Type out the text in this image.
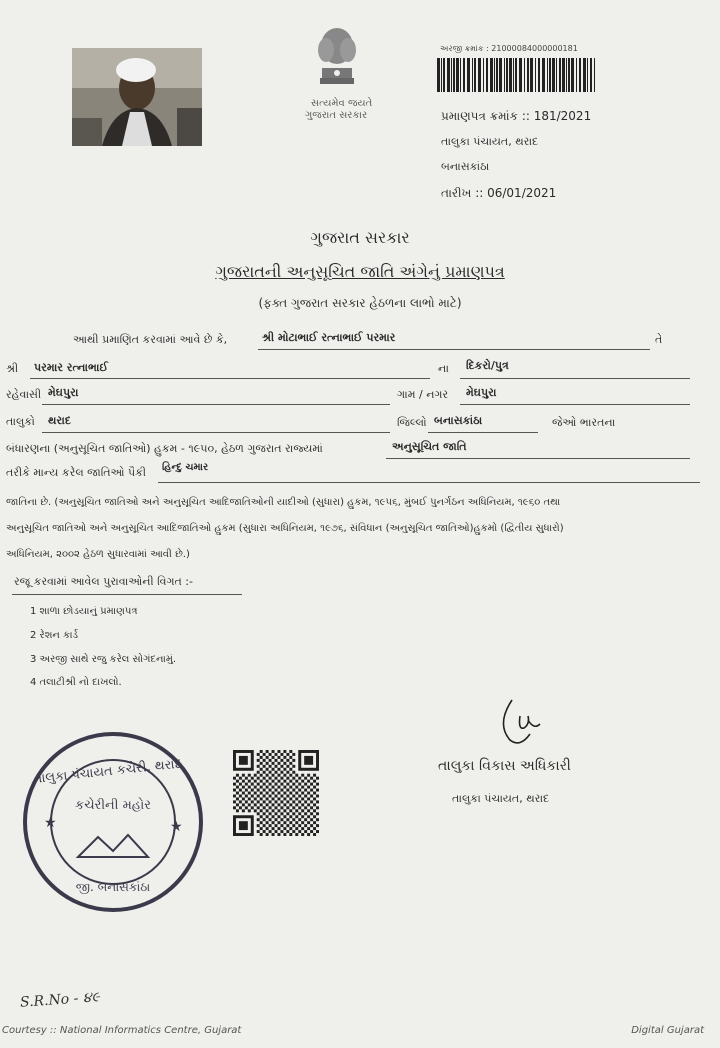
સત્યમેવ જયતે
ગુજરાત સરકાર
અરજી ક્રમાંક : 21000084000000181
પ્રમાણપત્ર ક્રમાંક :: 181/2021
તાલુકા પંચાયત, થરાદ
બનાસકાંઠા
તારીખ :: 06/01/2021
ગુજરાત સરકાર
ગુજરાતની અનુસૂચિત જાતિ અંગેનું પ્રમાણપત્ર
(ફક્ત ગુજરાત સરકાર હેઠળના લાભો માટે)
આથી પ્રમાણિત કરવામાં આવે છે કે,	શ્રી મોટાભાઈ રત્નાભાઈ પરમાર	તે
શ્રી પરમાર રત્નાભાઈ	ના દિકરો/પુત્ર
રહેવાસી મેઘપુરા	ગામ / નગર મેઘપુરા
તાલુકો થરાદ	જિલ્લો બનાસકાંઠા	જેઓ ભારતના
બંધારણના (અનુસૂચિત જાતિઓ) હુકમ - ૧૯૫૦, હેઠળ ગુજરાત રાજ્યમાં	અનુસૂચિત જાતિ
તરીકે માન્ય કરેલ જાતિઓ પૈકી હિન્દુ ચમાર
જાતિના છે. (અનુસૂચિત જાતિઓ અને અનુસૂચિત આદિજાતિઓની યાદીઓ (સુધારા) હુકમ, ૧૯૫૬, મુંબઈ પુનર્ગઠન અધિનિયમ, ૧૯૬૦ તથા
અનુસૂચિત જાતિઓ અને અનુસૂચિત આદિજાતિઓ હુકમ (સુધારા અધિનિયમ, ૧૯૭૬, સંવિધાન (અનુસૂચિત જાતિઓ)હુકમો (દ્વિતીય સુધારો)
અધિનિયમ, ૨૦૦૨ હેઠળ સુધારવામાં આવી છે.)
રજૂ કરવામાં આવેલ પુરાવાઓની વિગત :-
1 શાળા છોડયાનું પ્રમાણપત્ર
2 રેશન કાર્ડ
3 અરજી સાથે રજુ કરેલ સોગંદનામું.
4 તલાટીશ્રી નો દાખલો.
તાલુકા વિકાસ અધિકારી
તાલુકા પંચાયત, થરાદ
તાલુકા પંચાયત કચેરી, થરાદ
કચેરીની મહોર
જી. બનાસકાંઠા
★	★
S.R.No - ૪૯
Courtesy :: National Informatics Centre, Gujarat	Digital Gujarat
